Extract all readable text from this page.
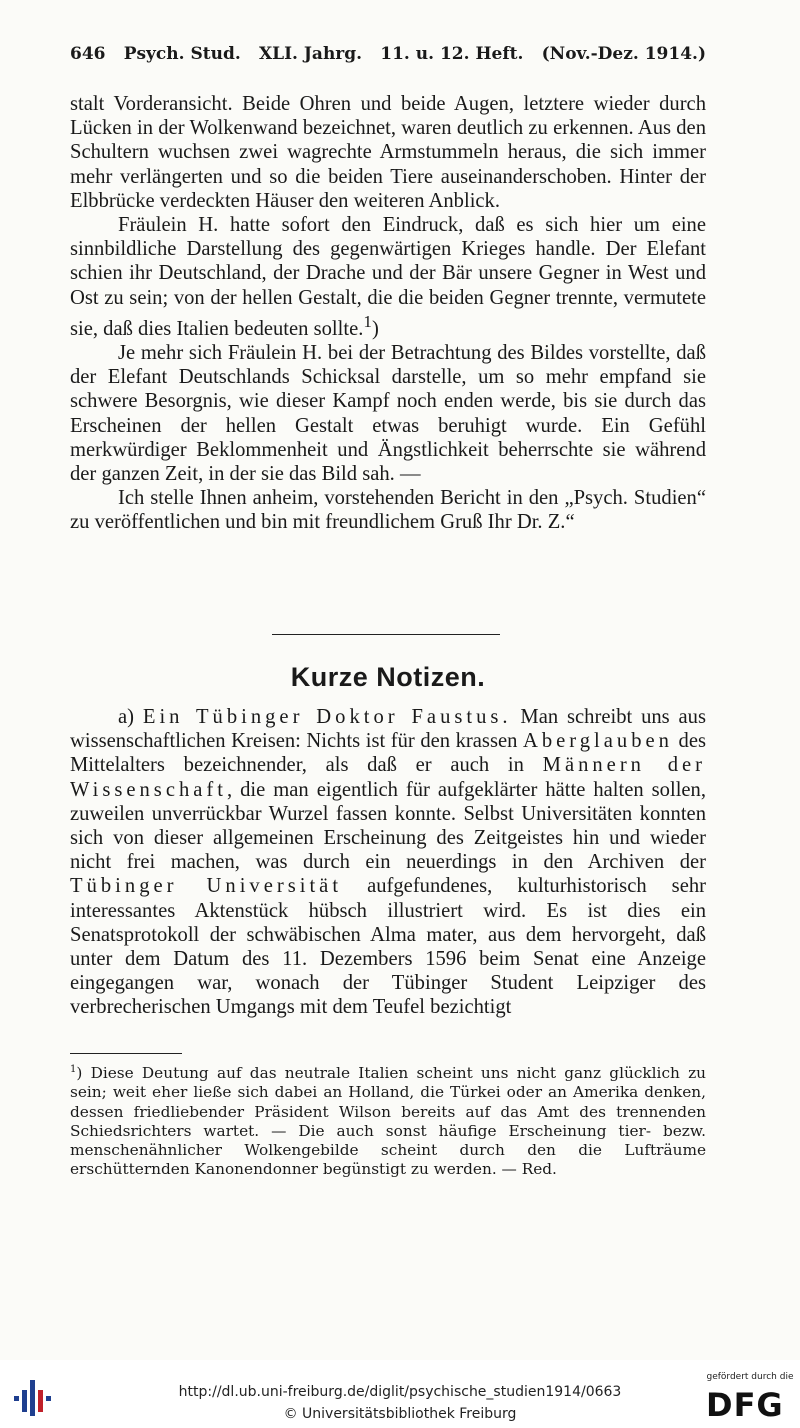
646 Psych. Stud. XLI. Jahrg. 11. u. 12. Heft. (Nov.-Dez. 1914.)

stalt Vorderansicht. Beide Ohren und beide Augen, letztere wieder durch Lücken in der Wolkenwand bezeichnet, waren deutlich zu erkennen. Aus den Schultern wuchsen zwei wagrechte Armstummeln heraus, die sich immer mehr verlängerten und so die beiden Tiere auseinanderschoben. Hinter der Elbbrücke verdeckten Häuser den weiteren Anblick.

Fräulein H. hatte sofort den Eindruck, daß es sich hier um eine sinnbildliche Darstellung des gegenwärtigen Krieges handle. Der Elefant schien ihr Deutschland, der Drache und der Bär unsere Gegner in West und Ost zu sein; von der hellen Gestalt, die die beiden Gegner trennte, vermutete sie, daß dies Italien bedeuten sollte.$^1$)

Je mehr sich Fräulein H. bei der Betrachtung des Bildes vorstellte, daß der Elefant Deutschlands Schicksal darstelle, um so mehr empfand sie schwere Besorgnis, wie dieser Kampf noch enden werde, bis sie durch das Erscheinen der hellen Gestalt etwas beruhigt wurde. Ein Gefühl merkwürdiger Beklommenheit und Ängstlichkeit beherrschte sie während der ganzen Zeit, in der sie das Bild sah. —

Ich stelle Ihnen anheim, vorstehenden Bericht in den „Psych. Studien“ zu veröffentlichen und bin mit freundlichem Gruß Ihr Dr. Z.“

Kurze Notizen.

a) Ein Tübinger Doktor Faustus. Man schreibt uns aus wissenschaftlichen Kreisen: Nichts ist für den krassen Aberglauben des Mittelalters bezeichnender, als daß er auch in Männern der Wissenschaft, die man eigentlich für aufgeklärter hätte halten sollen, zuweilen unverrückbar Wurzel fassen konnte. Selbst Universitäten konnten sich von dieser allgemeinen Erscheinung des Zeitgeistes hin und wieder nicht frei machen, was durch ein neuerdings in den Archiven der Tübinger Universität aufgefundenes, kulturhistorisch sehr interessantes Aktenstück hübsch illustriert wird. Es ist dies ein Senatsprotokoll der schwäbischen Alma mater, aus dem hervorgeht, daß unter dem Datum des 11. Dezembers 1596 beim Senat eine Anzeige eingegangen war, wonach der Tübinger Student Leipziger des verbrecherischen Umgangs mit dem Teufel bezichtigt

$^1$) Diese Deutung auf das neutrale Italien scheint uns nicht ganz glücklich zu sein; weit eher ließe sich dabei an Holland, die Türkei oder an Amerika denken, dessen friedliebender Präsident Wilson bereits auf das Amt des trennenden Schiedsrichters wartet. — Die auch sonst häufige Erscheinung tier- bezw. menschenähnlicher Wolkengebilde scheint durch den die Lufträume erschütternden Kanonendonner begünstigt zu werden. — Red.
http://dl.ub.uni-freiburg.de/diglit/psychische_studien1914/0663
© Universitätsbibliothek Freiburg
gefördert durch die
DFG
